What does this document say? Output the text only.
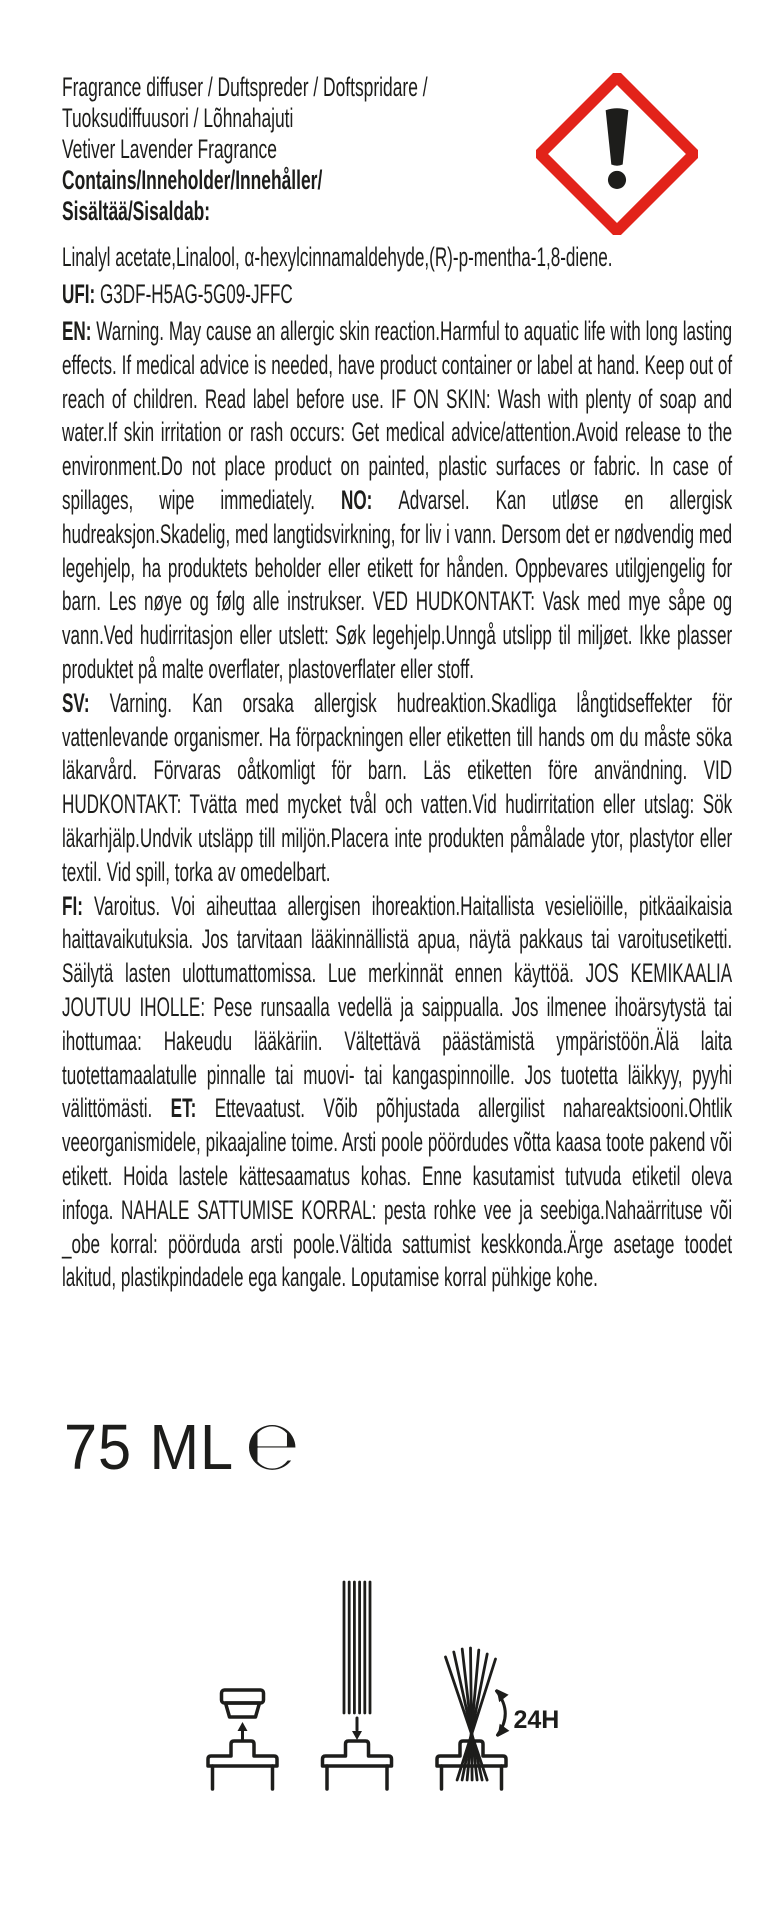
Fragrance diffuser / Duftspreder / Doftspridare /
Tuoksudiffuusori / Lõhnahajuti
Vetiver Lavender Fragrance
Contains/Inneholder/Innehåller/
Sisältää/Sisaldab:
Linalyl acetate,Linalool, α-hexylcinnamaldehyde,(R)-p-mentha-1,8-diene.
UFI: G3DF-H5AG-5G09-JFFC

EN: Warning. May cause an allergic skin reaction.Harmful to aquatic life with long lasting effects. If medical advice is needed, have product container or label at hand. Keep out of reach of children. Read label before use. IF ON SKIN: Wash with plenty of soap and water.If skin irritation or rash occurs: Get medical advice/attention.Avoid release to the environment.Do not place product on painted, plastic surfaces or fabric. In case of spillages, wipe immediately. NO: Advarsel. Kan utløse en allergisk hudreaksjon.Skadelig, med langtidsvirkning, for liv i vann. Dersom det er nødvendig med legehjelp, ha produktets beholder eller etikett for hånden. Oppbevares utilgjengelig for barn. Les nøye og følg alle instrukser. VED HUDKONTAKT: Vask med mye såpe og vann.Ved hudirritasjon eller utslett: Søk legehjelp.Unngå utslipp til miljøet. Ikke plasser produktet på malte overflater, plastoverflater eller stoff.

SV: Varning. Kan orsaka allergisk hudreaktion.Skadliga långtidseffekter för vattenlevande organismer. Ha förpackningen eller etiketten till hands om du måste söka läkarvård. Förvaras oåtkomligt för barn. Läs etiketten före användning. VID HUDKONTAKT: Tvätta med mycket tvål och vatten.Vid hudirritation eller utslag: Sök läkarhjälp.Undvik utsläpp till miljön.Placera inte produkten påmålade ytor, plastytor eller textil. Vid spill, torka av omedelbart.

FI: Varoitus. Voi aiheuttaa allergisen ihoreaktion.Haitallista vesieliöille, pitkäaikaisia haittavaikutuksia. Jos tarvitaan lääkinnällistä apua, näytä pakkaus tai varoitusetiketti. Säilytä lasten ulottumattomissa. Lue merkinnät ennen käyttöä. JOS KEMIKAALIA JOUTUU IHOLLE: Pese runsaalla vedellä ja saippualla. Jos ilmenee ihoärsytystä tai ihottumaa: Hakeudu lääkäriin. Vältettävä päästämistä ympäristöön.Älä laita tuotettamaalatulle pinnalle tai muovi- tai kangaspinnoille. Jos tuotetta läikkyy, pyyhi välittömästi. ET: Ettevaatust. Võib põhjustada allergilist nahareaktsiooni.Ohtlik veeorganismidele, pikaajaline toime. Arsti poole pöördudes võtta kaasa toote pakend või etikett. Hoida lastele kättesaamatus kohas. Enne kasutamist tutvuda etiketil oleva infoga. NAHALE SATTUMISE KORRAL: pesta rohke vee ja seebiga.Nahaärrituse või _obe korral: pöörduda arsti poole.Vältida sattumist keskkonda.Ärge asetage toodet lakitud, plastikpindadele ega kangale. Loputamise korral pühkige kohe.

75 ML ℮
24H
